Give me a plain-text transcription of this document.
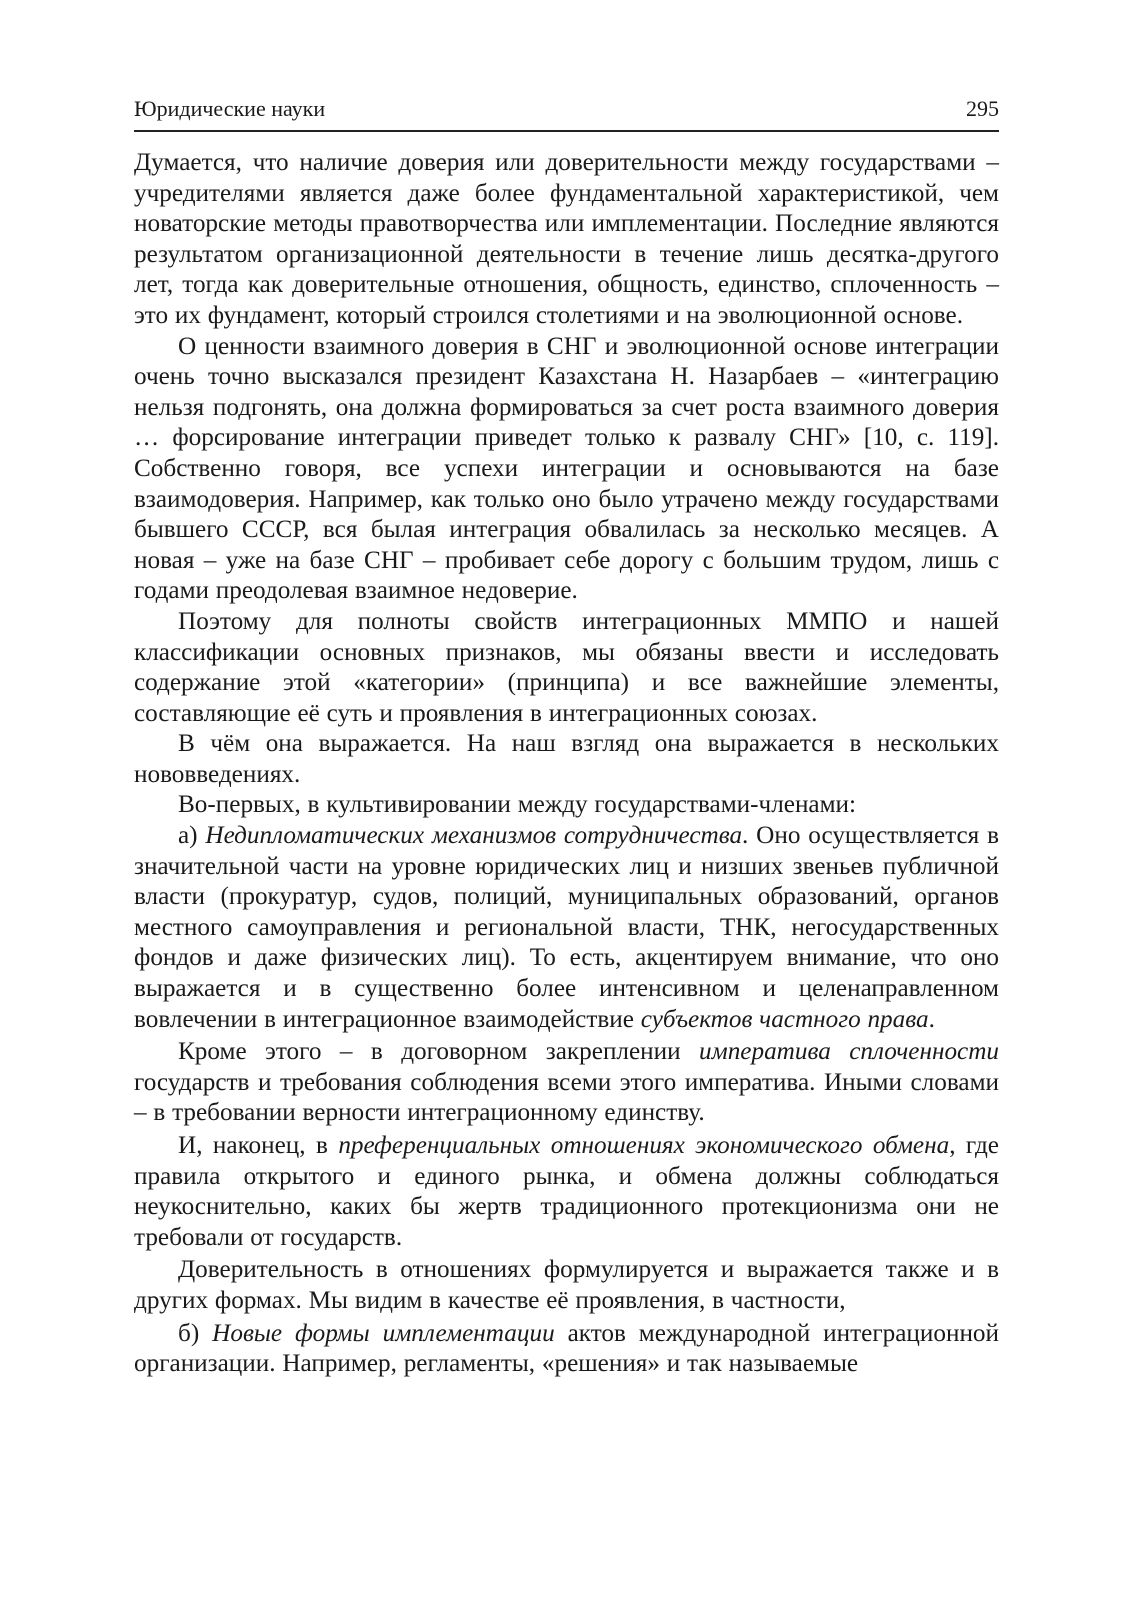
Юридические науки	295

Думается, что наличие доверия или доверительности между государствами – учредителями является даже более фундаментальной характеристикой, чем новаторские методы правотворчества или имплементации. Последние являются результатом организационной деятельности в течение лишь десятка-другого лет, тогда как доверительные отношения, общность, единство, сплоченность – это их фундамент, который строился столетиями и на эволюционной основе.

О ценности взаимного доверия в СНГ и эволюционной основе интеграции очень точно высказался президент Казахстана Н. Назарбаев – «интеграцию нельзя подгонять, она должна формироваться за счет роста взаимного доверия … форсирование интеграции приведет только к развалу СНГ» [10, с. 119]. Собственно говоря, все успехи интеграции и основываются на базе взаимодоверия. Например, как только оно было утрачено между государствами бывшего СССР, вся былая интеграция обвалилась за несколько месяцев. А новая – уже на базе СНГ – пробивает себе дорогу с большим трудом, лишь с годами преодолевая взаимное недоверие.

Поэтому для полноты свойств интеграционных ММПО и нашей классификации основных признаков, мы обязаны ввести и исследовать содержание этой «категории» (принципа) и все важнейшие элементы, составляющие её суть и проявления в интеграционных союзах.

В чём она выражается. На наш взгляд она выражается в нескольких нововведениях.

Во-первых, в культивировании между государствами-членами:

а) Недипломатических механизмов сотрудничества. Оно осуществляется в значительной части на уровне юридических лиц и низших звеньев публичной власти (прокуратур, судов, полиций, муниципальных образований, органов местного самоуправления и региональной власти, ТНК, негосударственных фондов и даже физических лиц). То есть, акцентируем внимание, что оно выражается и в существенно более интенсивном и целенаправленном вовлечении в интеграционное взаимодействие субъектов частного права.

Кроме этого – в договорном закреплении императива сплоченности государств и требования соблюдения всеми этого императива. Иными словами – в требовании верности интеграционному единству.

И, наконец, в преференциальных отношениях экономического обмена, где правила открытого и единого рынка, и обмена должны соблюдаться неукоснительно, каких бы жертв традиционного протекционизма они не требовали от государств.

Доверительность в отношениях формулируется и выражается также и в других формах. Мы видим в качестве её проявления, в частности,

б) Новые формы имплементации актов международной интеграционной организации. Например, регламенты, «решения» и так называемые
